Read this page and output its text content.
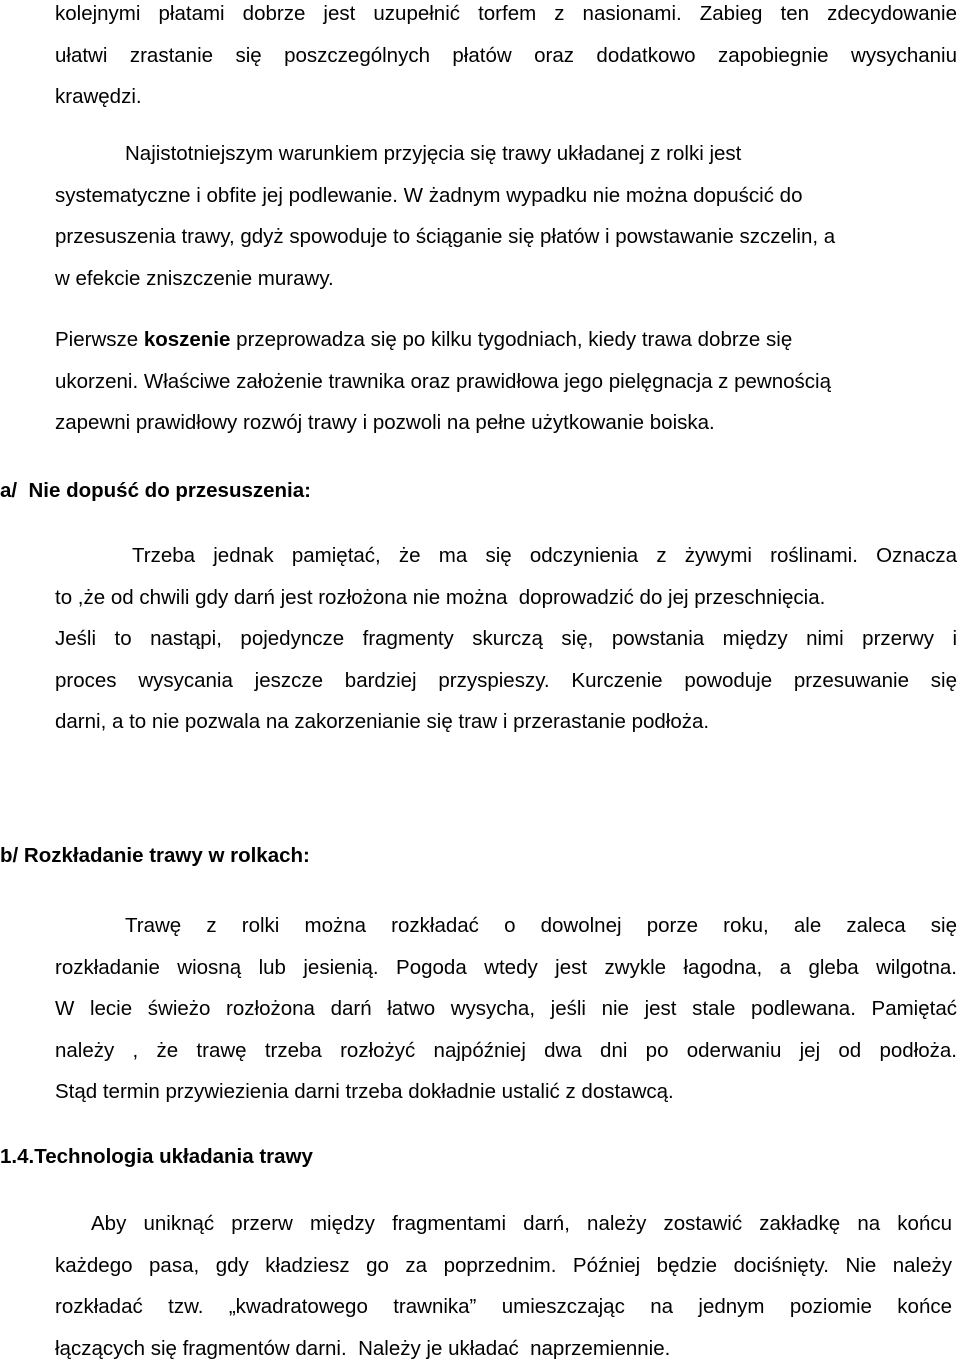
kolejnymi płatami dobrze jest uzupełnić torfem z nasionami. Zabieg ten zdecydowanie
ułatwi zrastanie się poszczególnych płatów oraz dodatkowo zapobiegnie wysychaniu
krawędzi.
Najistotniejszym warunkiem przyjęcia się trawy układanej z rolki jest
systematyczne i obfite jej podlewanie. W żadnym wypadku nie można dopuścić do
przesuszenia trawy, gdyż spowoduje to ściąganie się płatów i powstawanie szczelin, a
w efekcie zniszczenie murawy.
Pierwsze koszenie przeprowadza się po kilku tygodniach, kiedy trawa dobrze się
ukorzeni. Właściwe założenie trawnika oraz prawidłowa jego pielęgnacja z pewnością
zapewni prawidłowy rozwój trawy i pozwoli na pełne użytkowanie boiska.
a/  Nie dopuść do przesuszenia:
Trzeba jednak pamiętać, że ma się odczynienia z żywymi roślinami. Oznacza
to ,że od chwili gdy darń jest rozłożona nie można  doprowadzić do jej przeschnięcia.
Jeśli to nastąpi, pojedyncze fragmenty skurczą się, powstania między nimi przerwy i
proces wysycania jeszcze bardziej przyspieszy. Kurczenie powoduje przesuwanie się
darni, a to nie pozwala na zakorzenianie się traw i przerastanie podłoża.
b/ Rozkładanie trawy w rolkach:
Trawę z rolki można rozkładać o dowolnej porze roku, ale zaleca się
rozkładanie wiosną lub jesienią. Pogoda wtedy jest zwykle łagodna, a gleba wilgotna.
W lecie świeżo rozłożona darń łatwo wysycha, jeśli nie jest stale podlewana. Pamiętać
należy , że trawę trzeba rozłożyć najpóźniej dwa dni po oderwaniu jej od podłoża.
Stąd termin przywiezienia darni trzeba dokładnie ustalić z dostawcą.
1.4.Technologia układania trawy
Aby uniknąć przerw między fragmentami darń, należy zostawić zakładkę na końcu
każdego pasa, gdy kładziesz go za poprzednim. Później będzie dociśnięty. Nie należy
rozkładać tzw. „kwadratowego trawnika” umieszczając na jednym poziomie końce
łączących się fragmentów darni.  Należy je układać  naprzemiennie.
